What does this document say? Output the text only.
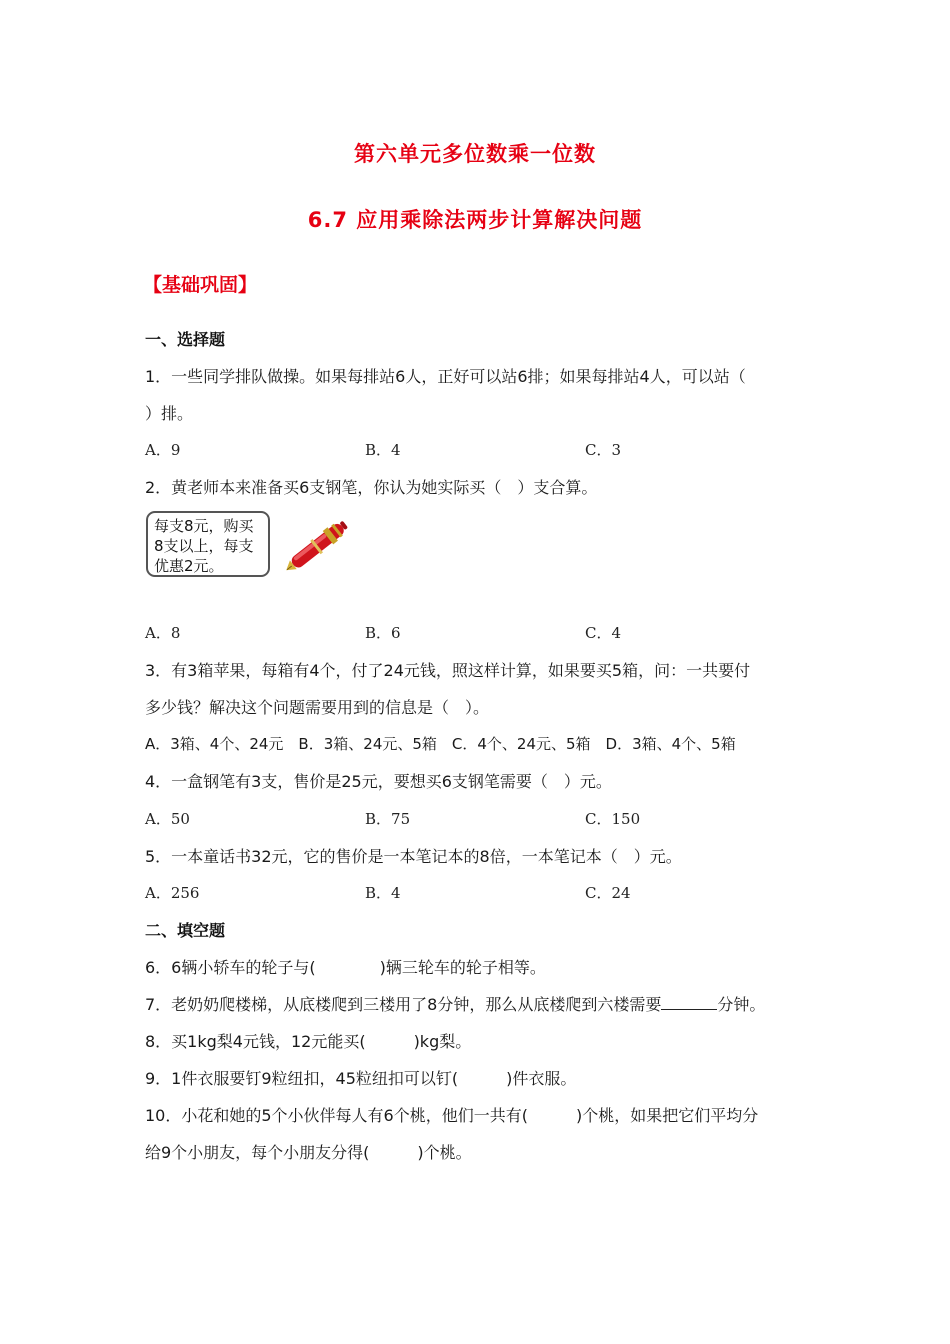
第六单元多位数乘一位数
6.7 应用乘除法两步计算解决问题
【基础巩固】
一、选择题
1．一些同学排队做操。如果每排站6人，正好可以站6排；如果每排站4人，可以站（
）排。
A．9	B．4	C．3
2．黄老师本来准备买6支钢笔，你认为她实际买（　）支合算。
每支8元，购买
8支以上，每支
优惠2元。
A．8	B．6	C．4
3．有3箱苹果，每箱有4个，付了24元钱，照这样计算，如果要买5箱，问：一共要付
多少钱？解决这个问题需要用到的信息是（　）。
A．3箱、4个、24元　B．3箱、24元、5箱　C．4个、24元、5箱　D．3箱、4个、5箱
4．一盒钢笔有3支，售价是25元，要想买6支钢笔需要（　）元。
A．50	B．75	C．150
5．一本童话书32元，它的售价是一本笔记本的8倍，一本笔记本（　）元。
A．256	B．4	C．24
二、填空题
6．6辆小轿车的轮子与(　　　　)辆三轮车的轮子相等。
7．老奶奶爬楼梯，从底楼爬到三楼用了8分钟，那么从底楼爬到六楼需要	分钟。
8．买1kg梨4元钱，12元能买(　　　)kg梨。
9．1件衣服要钉9粒纽扣，45粒纽扣可以钉(　　　)件衣服。
10．小花和她的5个小伙伴每人有6个桃，他们一共有(　　　)个桃，如果把它们平均分
给9个小朋友，每个小朋友分得(　　　)个桃。
